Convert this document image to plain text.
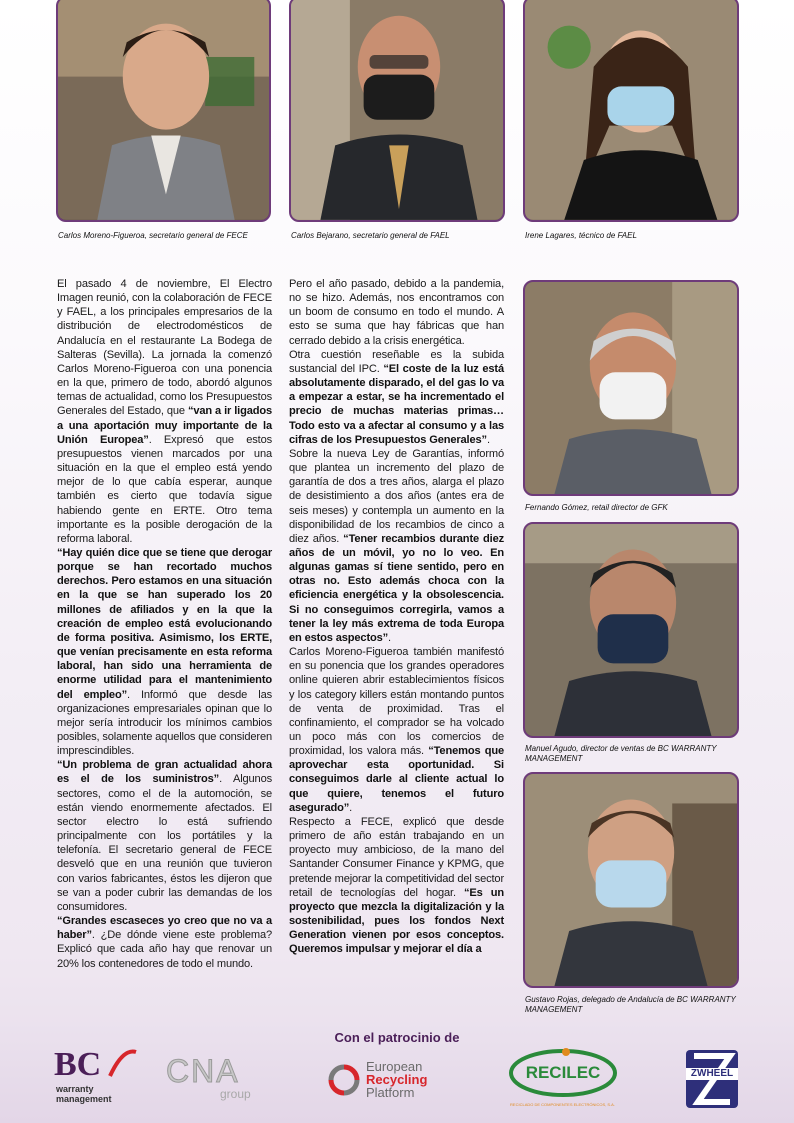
Carlos Moreno-Figueroa, secretario general de FECE	Carlos Bejarano, secretario general de FAEL	Irene Lagares, técnico de FAEL
Fernando Gómez, retail director de GFK
Manuel Agudo, director de ventas de BC WARRANTY MANAGEMENT
Gustavo Rojas, delegado de Andalucía de BC WARRANTY MANAGEMENT

El pasado 4 de noviembre, El Electro Imagen reunió, con la colaboración de FECE y FAEL, a los principales empresarios de la distribución de electrodomésticos de Andalucía en el restaurante La Bodega de Salteras (Sevilla). La jornada la comenzó Carlos Moreno-Figueroa con una ponencia en la que, primero de todo, abordó algunos temas de actualidad, como los Presupuestos Generales del Estado, que “van a ir ligados a una aportación muy importante de la Unión Europea”. Expresó que estos presupuestos vienen marcados por una situación en la que el empleo está yendo mejor de lo que cabía esperar, aunque también es cierto que todavía sigue habiendo gente en ERTE. Otro tema importante es la posible derogación de la reforma laboral.

“Hay quién dice que se tiene que derogar porque se han recortado muchos derechos. Pero estamos en una situación en la que se han superado los 20 millones de afiliados y en la que la creación de empleo está evolucionando de forma positiva. Asimismo, los ERTE, que venían precisamente en esta reforma laboral, han sido una herramienta de enorme utilidad para el mantenimiento del empleo”. Informó que desde las organizaciones empresariales opinan que lo mejor sería introducir los mínimos cambios posibles, solamente aquellos que consideren imprescindibles.

“Un problema de gran actualidad ahora es el de los suministros”. Algunos sectores, como el de la automoción, se están viendo enormemente afectados. El sector electro lo está sufriendo principalmente con los portátiles y la telefonía. El secretario general de FECE desveló que en una reunión que tuvieron con varios fabricantes, éstos les dijeron que se van a poder cubrir las demandas de los consumidores.

“Grandes escaseces yo creo que no va a haber”. ¿De dónde viene este problema? Explicó que cada año hay que renovar un 20% los contenedores de todo el mundo.

Pero el año pasado, debido a la pandemia, no se hizo. Además, nos encontramos con un boom de consumo en todo el mundo. A esto se suma que hay fábricas que han cerrado debido a la crisis energética.

Otra cuestión reseñable es la subida sustancial del IPC. “El coste de la luz está absolutamente disparado, el del gas lo va a empezar a estar, se ha incrementado el precio de muchas materias primas… Todo esto va a afectar al consumo y a las cifras de los Presupuestos Generales”.

Sobre la nueva Ley de Garantías, informó que plantea un incremento del plazo de garantía de dos a tres años, alarga el plazo de desistimiento a dos años (antes era de seis meses) y contempla un aumento en la disponibilidad de los recambios de cinco a diez años. “Tener recambios durante diez años de un móvil, yo no lo veo. En algunas gamas sí tiene sentido, pero en otras no. Esto además choca con la eficiencia energética y la obsolescencia. Si no conseguimos corregirla, vamos a tener la ley más extrema de toda Europa en estos aspectos”.

Carlos Moreno-Figueroa también manifestó en su ponencia que los grandes operadores online quieren abrir establecimientos físicos y los category killers están montando puntos de venta de proximidad. Tras el confinamiento, el comprador se ha volcado un poco más con los comercios de proximidad, los valora más. “Tenemos que aprovechar esta oportunidad. Si conseguimos darle al cliente actual lo que quiere, tenemos el futuro asegurado”.

Respecto a FECE, explicó que desde primero de año están trabajando en un proyecto muy ambicioso, de la mano del Santander Consumer Finance y KPMG, que pretende mejorar la competitividad del sector retail de tecnologías del hogar. “Es un proyecto que mezcla la digitalización y la sostenibilidad, pues los fondos Next Generation vienen por esos conceptos. Queremos impulsar y mejorar el día a

Con el patrocinio de
BC
warranty
management
CNA
group
European
Recycling
Platform
RECILEC
RECICLADO DE COMPONENTES ELECTRÓNICOS, S.A.
ZWHEEL
